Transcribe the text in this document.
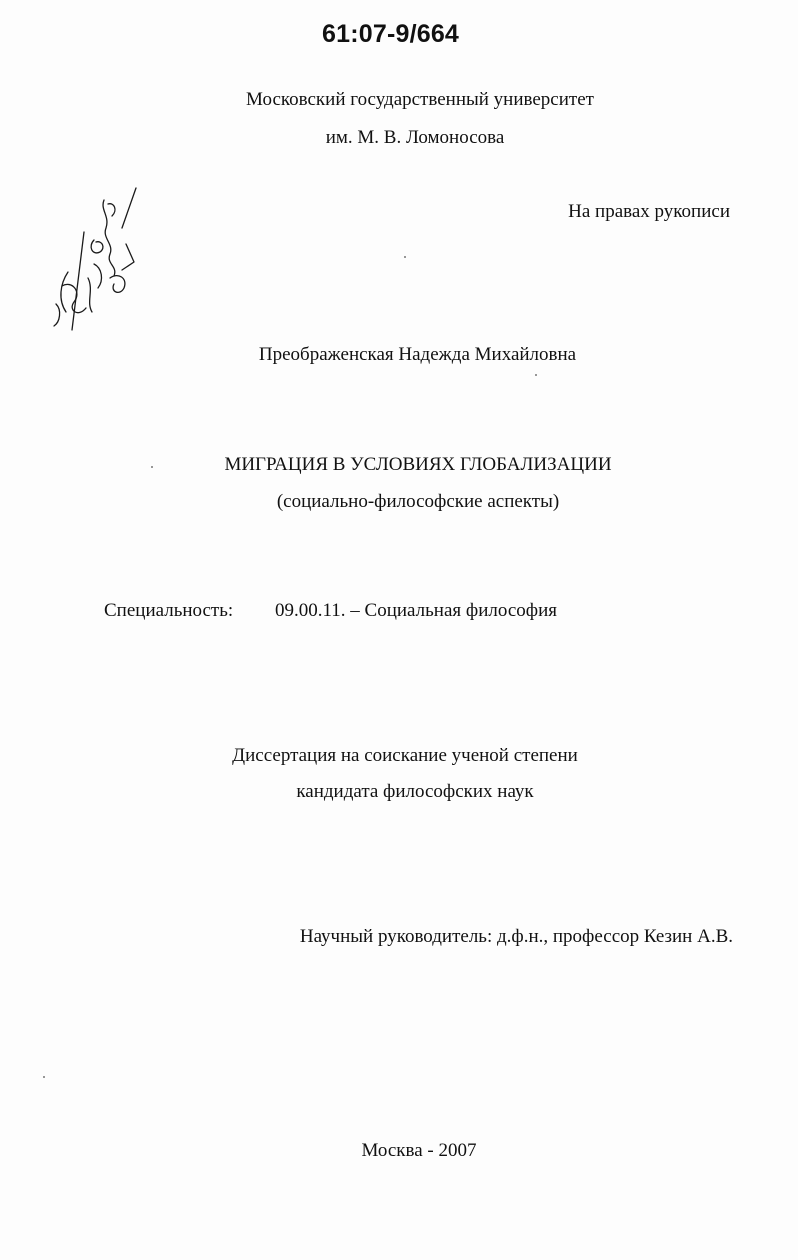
61:07-9/664
Московский государственный университет
им. М. В. Ломоносова
На правах рукописи
Преображенская Надежда Михайловна
МИГРАЦИЯ В УСЛОВИЯХ ГЛОБАЛИЗАЦИИ
(социально-философские аспекты)
Специальность: 09.00.11. – Социальная философия
Диссертация на соискание ученой степени
кандидата философских наук
Научный руководитель: д.ф.н., профессор Кезин А.В.
Москва - 2007
